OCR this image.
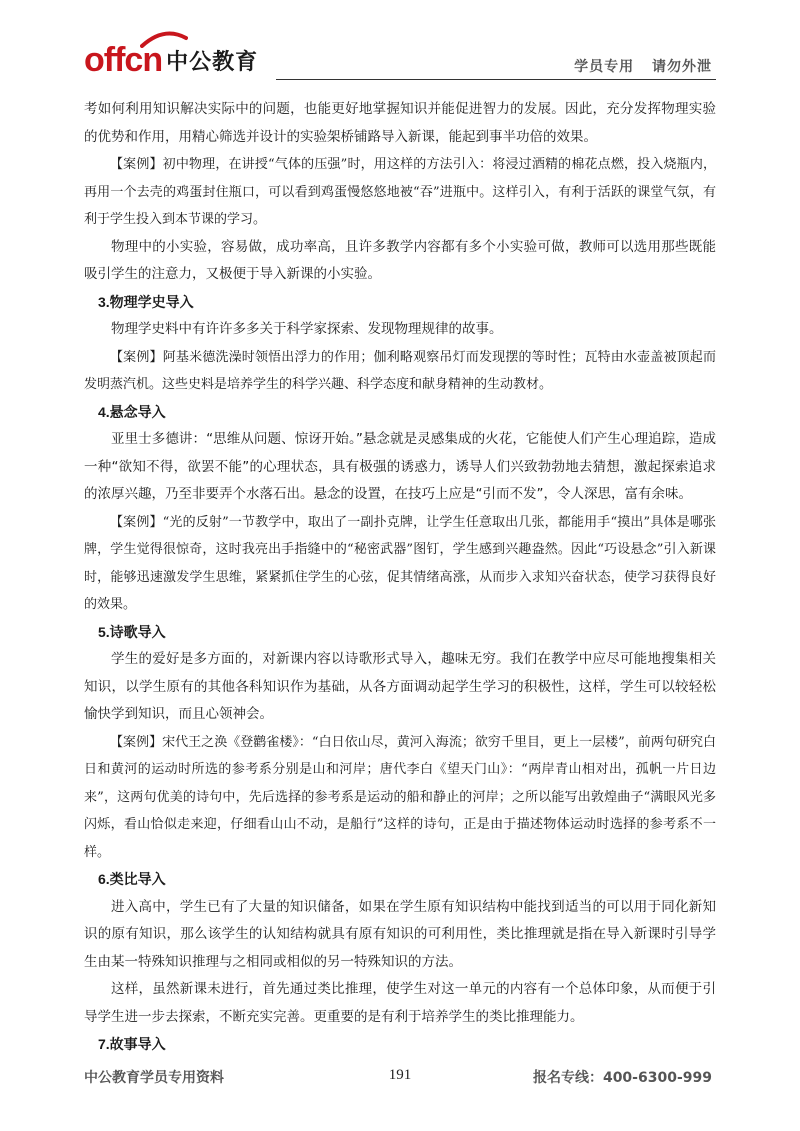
offcn 中公教育	学员专用 请勿外泄

考如何利用知识解决实际中的问题，也能更好地掌握知识并能促进智力的发展。因此，充分发挥物理实验的优势和作用，用精心筛选并设计的实验架桥铺路导入新课，能起到事半功倍的效果。

【案例】初中物理，在讲授“气体的压强”时，用这样的方法引入：将浸过酒精的棉花点燃，投入烧瓶内，再用一个去壳的鸡蛋封住瓶口，可以看到鸡蛋慢悠悠地被“吞”进瓶中。这样引入，有利于活跃的课堂气氛，有利于学生投入到本节课的学习。

物理中的小实验，容易做，成功率高，且许多教学内容都有多个小实验可做，教师可以选用那些既能吸引学生的注意力，又极便于导入新课的小实验。

3.物理学史导入

物理学史料中有许许多多关于科学家探索、发现物理规律的故事。

【案例】阿基米德洗澡时领悟出浮力的作用；伽利略观察吊灯而发现摆的等时性；瓦特由水壶盖被顶起而发明蒸汽机。这些史料是培养学生的科学兴趣、科学态度和献身精神的生动教材。

4.悬念导入

亚里士多德讲：“思维从问题、惊讶开始。”悬念就是灵感集成的火花，它能使人们产生心理追踪，造成一种“欲知不得，欲罢不能”的心理状态，具有极强的诱惑力，诱导人们兴致勃勃地去猜想，激起探索追求的浓厚兴趣，乃至非要弄个水落石出。悬念的设置，在技巧上应是“引而不发”，令人深思，富有余味。

【案例】“光的反射”一节教学中，取出了一副扑克牌，让学生任意取出几张，都能用手“摸出”具体是哪张牌，学生觉得很惊奇，这时我亮出手指缝中的“秘密武器”图钉，学生感到兴趣盎然。因此“巧设悬念”引入新课时，能够迅速激发学生思维，紧紧抓住学生的心弦，促其情绪高涨，从而步入求知兴奋状态，使学习获得良好的效果。

5.诗歌导入

学生的爱好是多方面的，对新课内容以诗歌形式导入，趣味无穷。我们在教学中应尽可能地搜集相关知识，以学生原有的其他各科知识作为基础，从各方面调动起学生学习的积极性，这样，学生可以较轻松愉快学到知识，而且心领神会。

【案例】宋代王之涣《登鹳雀楼》：“白日依山尽，黄河入海流；欲穷千里目，更上一层楼”，前两句研究白日和黄河的运动时所选的参考系分别是山和河岸；唐代李白《望天门山》：“两岸青山相对出，孤帆一片日边来”，这两句优美的诗句中，先后选择的参考系是运动的船和静止的河岸；之所以能写出敦煌曲子“满眼风光多闪烁，看山恰似走来迎，仔细看山山不动，是船行”这样的诗句，正是由于描述物体运动时选择的参考系不一样。

6.类比导入

进入高中，学生已有了大量的知识储备，如果在学生原有知识结构中能找到适当的可以用于同化新知识的原有知识，那么该学生的认知结构就具有原有知识的可利用性，类比推理就是指在导入新课时引导学生由某一特殊知识推理与之相同或相似的另一特殊知识的方法。

这样，虽然新课未进行，首先通过类比推理，使学生对这一单元的内容有一个总体印象，从而便于引导学生进一步去探索，不断充实完善。更重要的是有利于培养学生的类比推理能力。

7.故事导入

中公教育学员专用资料	191	报名专线：400-6300-999
